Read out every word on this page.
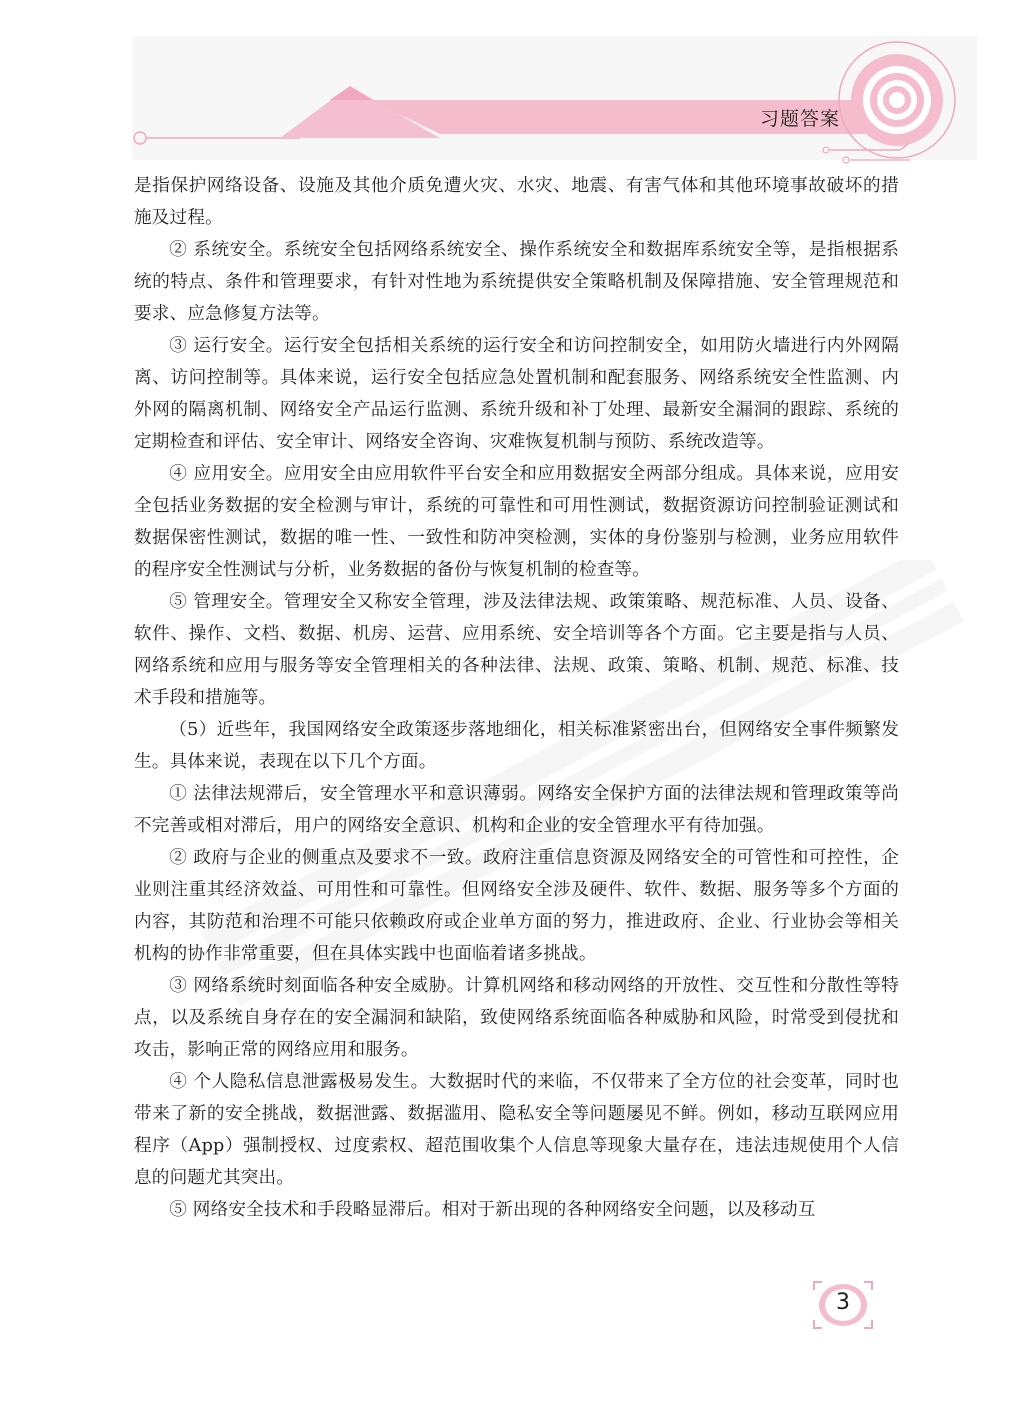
习题答案

是指保护网络设备、设施及其他介质免遭火灾、水灾、地震、有害气体和其他环境事故破坏的措施及过程。

② 系统安全。系统安全包括网络系统安全、操作系统安全和数据库系统安全等，是指根据系统的特点、条件和管理要求，有针对性地为系统提供安全策略机制及保障措施、安全管理规范和要求、应急修复方法等。

③ 运行安全。运行安全包括相关系统的运行安全和访问控制安全，如用防火墙进行内外网隔离、访问控制等。具体来说，运行安全包括应急处置机制和配套服务、网络系统安全性监测、内外网的隔离机制、网络安全产品运行监测、系统升级和补丁处理、最新安全漏洞的跟踪、系统的定期检查和评估、安全审计、网络安全咨询、灾难恢复机制与预防、系统改造等。

④ 应用安全。应用安全由应用软件平台安全和应用数据安全两部分组成。具体来说，应用安全包括业务数据的安全检测与审计，系统的可靠性和可用性测试，数据资源访问控制验证测试和数据保密性测试，数据的唯一性、一致性和防冲突检测，实体的身份鉴别与检测，业务应用软件的程序安全性测试与分析，业务数据的备份与恢复机制的检查等。

⑤ 管理安全。管理安全又称安全管理，涉及法律法规、政策策略、规范标准、人员、设备、软件、操作、文档、数据、机房、运营、应用系统、安全培训等各个方面。它主要是指与人员、网络系统和应用与服务等安全管理相关的各种法律、法规、政策、策略、机制、规范、标准、技术手段和措施等。

（5）近些年，我国网络安全政策逐步落地细化，相关标准紧密出台，但网络安全事件频繁发生。具体来说，表现在以下几个方面。

① 法律法规滞后，安全管理水平和意识薄弱。网络安全保护方面的法律法规和管理政策等尚不完善或相对滞后，用户的网络安全意识、机构和企业的安全管理水平有待加强。

② 政府与企业的侧重点及要求不一致。政府注重信息资源及网络安全的可管性和可控性，企业则注重其经济效益、可用性和可靠性。但网络安全涉及硬件、软件、数据、服务等多个方面的内容，其防范和治理不可能只依赖政府或企业单方面的努力，推进政府、企业、行业协会等相关机构的协作非常重要，但在具体实践中也面临着诸多挑战。

③ 网络系统时刻面临各种安全威胁。计算机网络和移动网络的开放性、交互性和分散性等特点，以及系统自身存在的安全漏洞和缺陷，致使网络系统面临各种威胁和风险，时常受到侵扰和攻击，影响正常的网络应用和服务。

④ 个人隐私信息泄露极易发生。大数据时代的来临，不仅带来了全方位的社会变革，同时也带来了新的安全挑战，数据泄露、数据滥用、隐私安全等问题屡见不鲜。例如，移动互联网应用程序（App）强制授权、过度索权、超范围收集个人信息等现象大量存在，违法违规使用个人信息的问题尤其突出。

⑤ 网络安全技术和手段略显滞后。相对于新出现的各种网络安全问题，以及移动互

3
